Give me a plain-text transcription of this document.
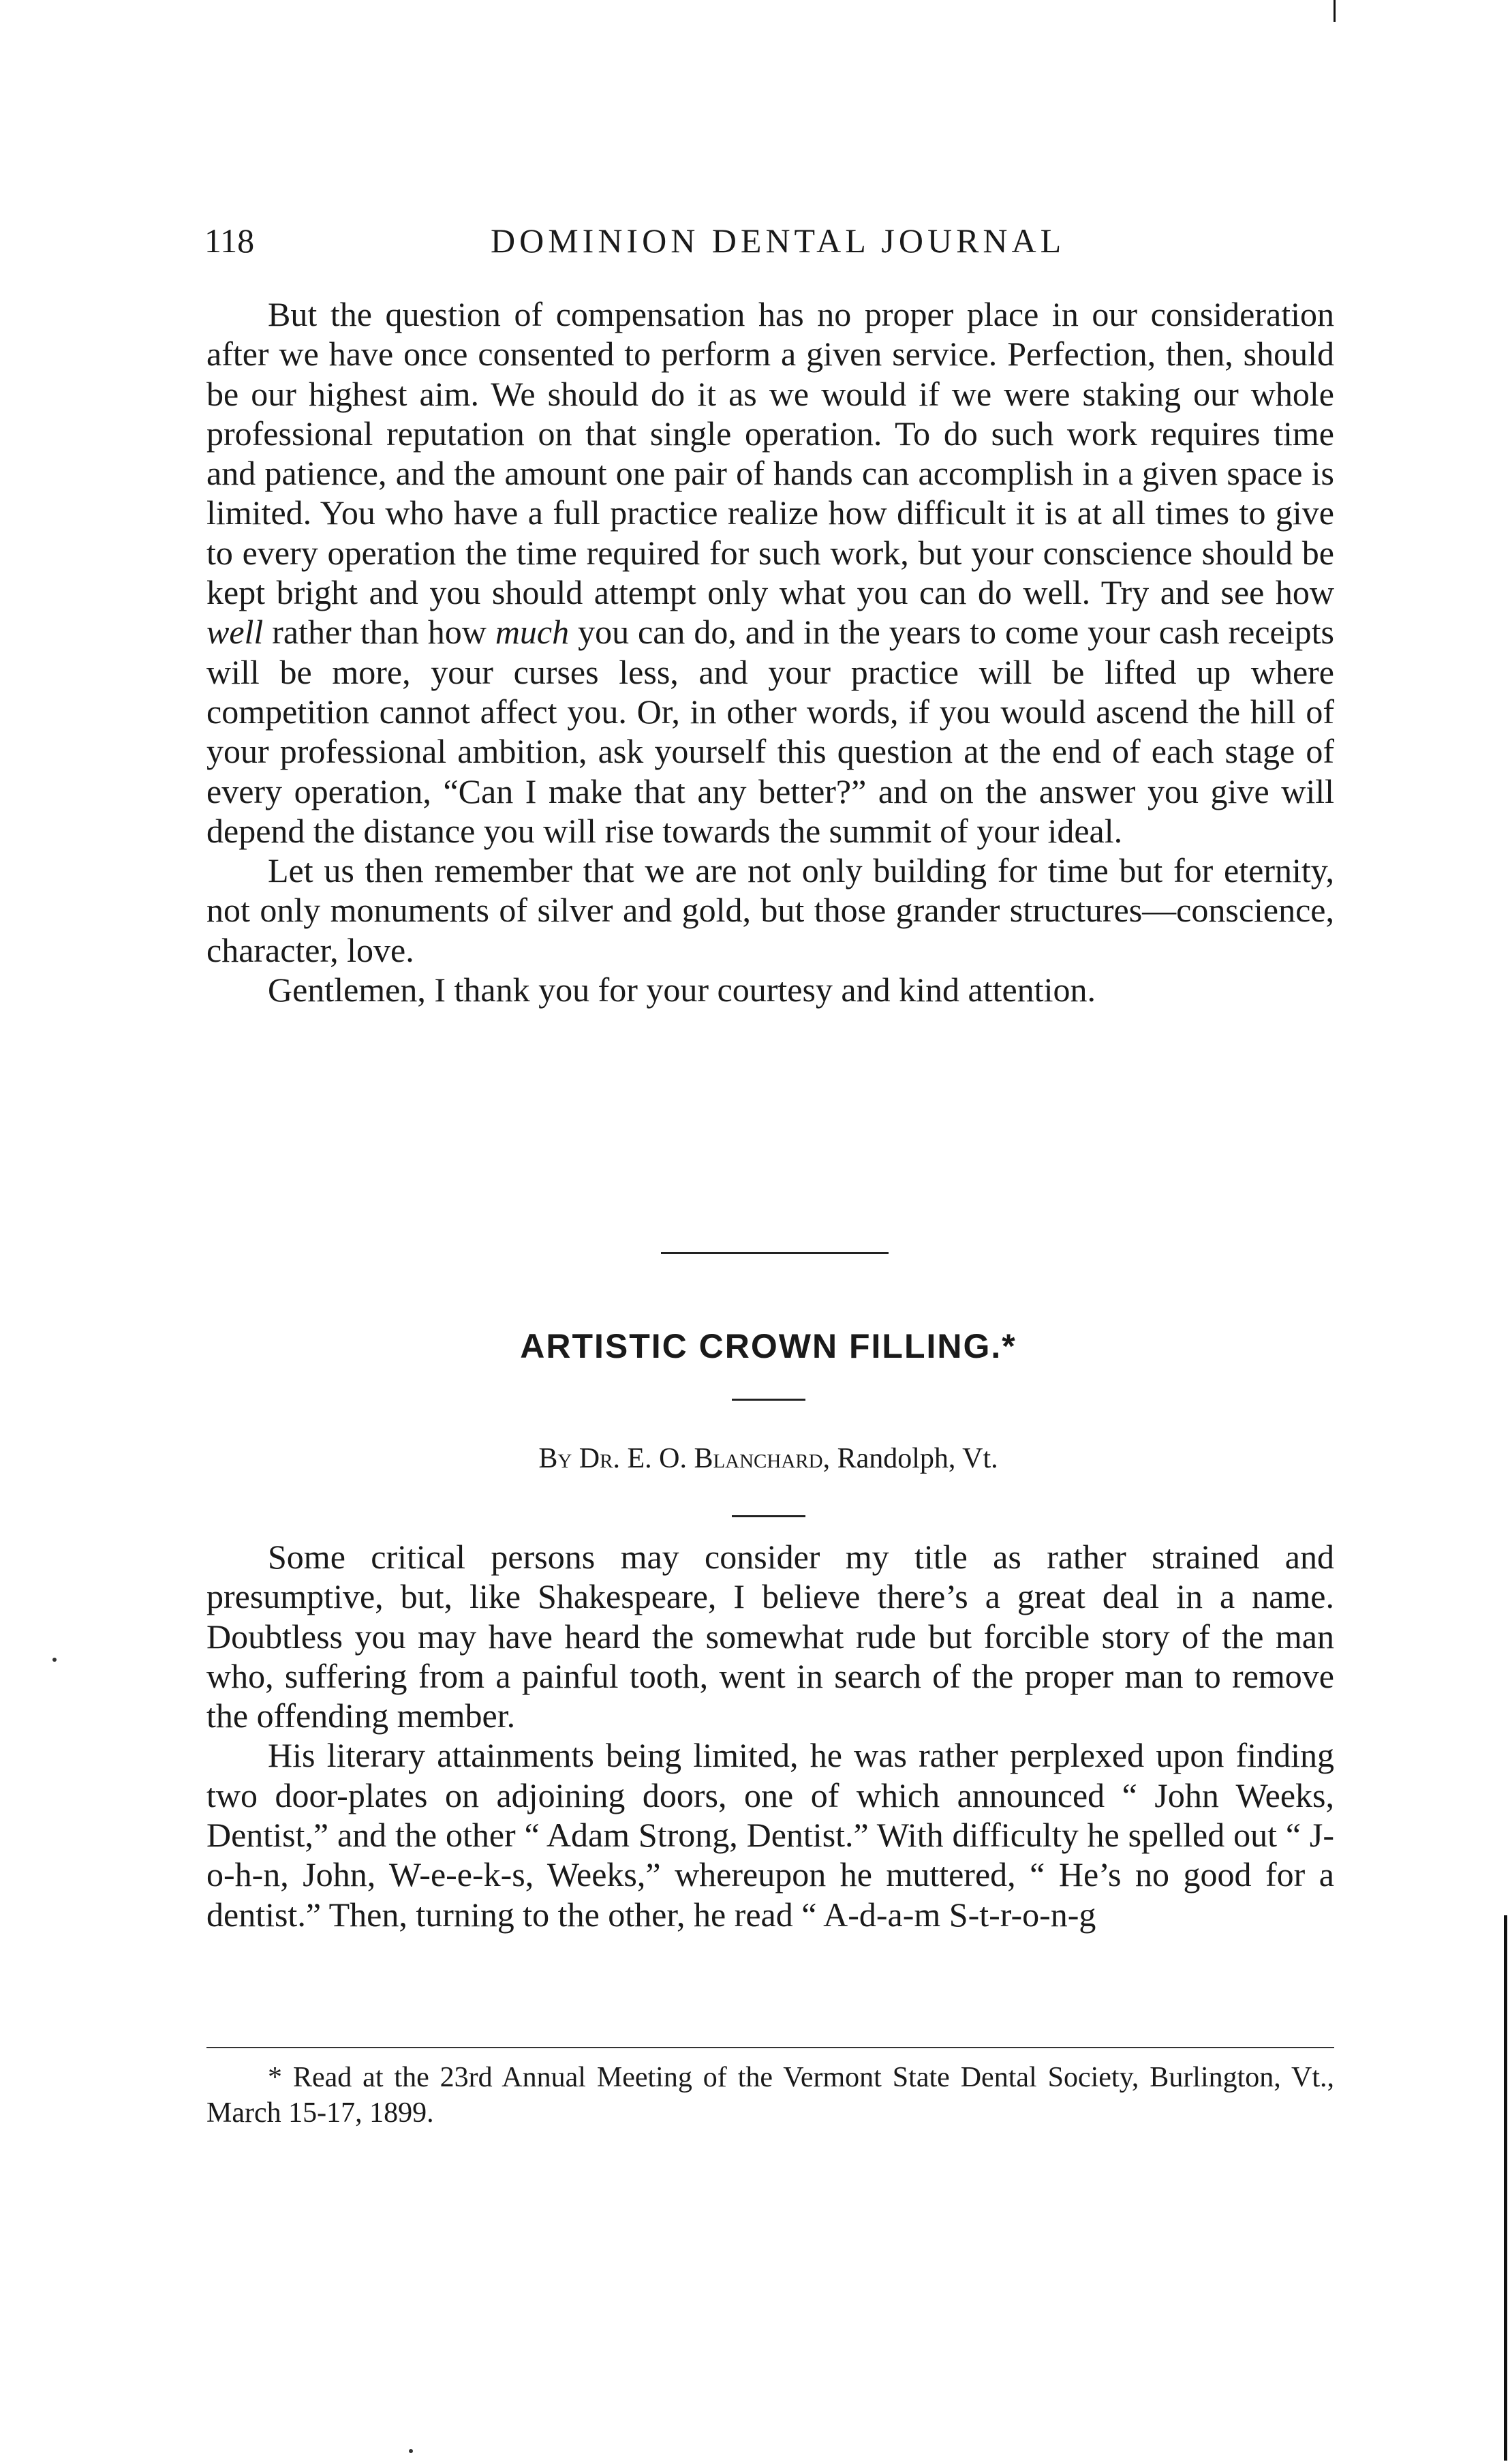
118	DOMINION DENTAL JOURNAL

But the question of compensation has no proper place in our consideration after we have once consented to perform a given service. Perfection, then, should be our highest aim. We should do it as we would if we were staking our whole professional reputation on that single operation. To do such work requires time and patience, and the amount one pair of hands can accomplish in a given space is limited. You who have a full practice realize how difficult it is at all times to give to every operation the time required for such work, but your conscience should be kept bright and you should attempt only what you can do well. Try and see how well rather than how much you can do, and in the years to come your cash receipts will be more, your curses less, and your practice will be lifted up where competition cannot affect you. Or, in other words, if you would ascend the hill of your professional ambition, ask yourself this question at the end of each stage of every operation, “Can I make that any better?” and on the answer you give will depend the distance you will rise towards the summit of your ideal.

Let us then remember that we are not only building for time but for eternity, not only monuments of silver and gold, but those grander structures—conscience, character, love.

Gentlemen, I thank you for your courtesy and kind attention.

ARTISTIC CROWN FILLING.*
By Dr. E. O. Blanchard, Randolph, Vt.

Some critical persons may consider my title as rather strained and presumptive, but, like Shakespeare, I believe there’s a great deal in a name. Doubtless you may have heard the somewhat rude but forcible story of the man who, suffering from a painful tooth, went in search of the proper man to remove the offending member.

His literary attainments being limited, he was rather perplexed upon finding two door-plates on adjoining doors, one of which announced “ John Weeks, Dentist,” and the other “ Adam Strong, Dentist.” With difficulty he spelled out “ J-o-h-n, John, W-e-e-k-s, Weeks,” whereupon he muttered, “ He’s no good for a dentist.” Then, turning to the other, he read “ A-d-a-m S-t-r-o-n-g

* Read at the 23rd Annual Meeting of the Vermont State Dental Society, Burlington, Vt., March 15-17, 1899.
